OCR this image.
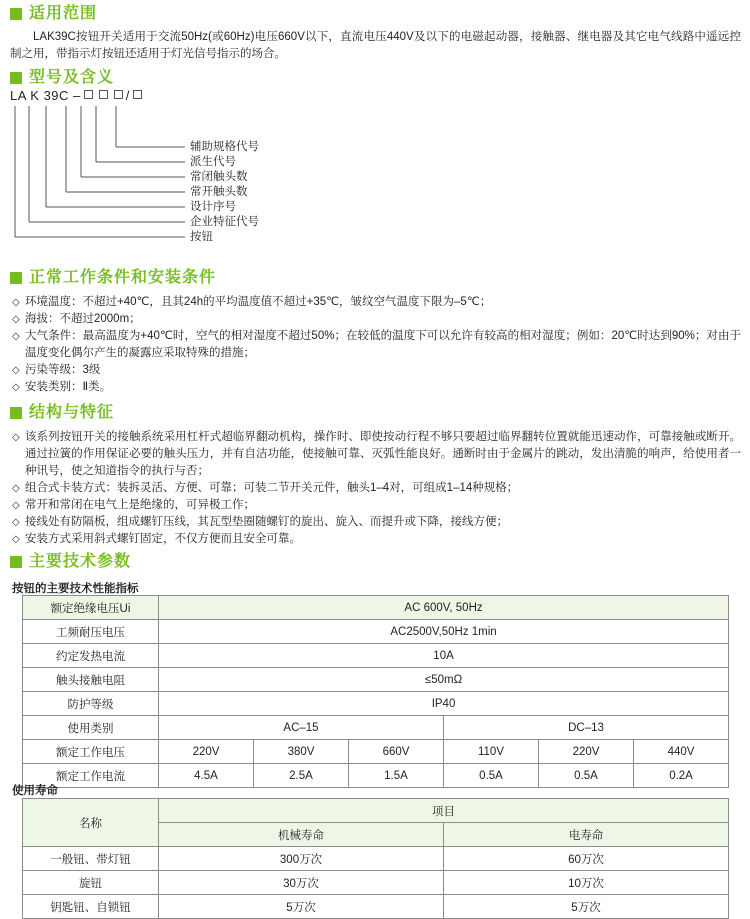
适用范围
LAK39C按钮开关适用于交流50Hz(或60Hz)电压660V以下，直流电压440V及以下的电磁起动器，接触器、继电器及其它电气线路中遥远控制之用，带指示灯按钮还适用于灯光信号指示的场合。
型号及含义
LA K 39C –	/
辅助规格代号
派生代号
常闭触头数
常开触头数
设计序号
企业特征代号
按钮
正常工作条件和安装条件
◇ 环境温度：不超过+40℃，且其24h的平均温度值不超过+35℃，皱纹空气温度下限为–5℃；
◇ 海拔：不超过2000m；
◇ 大气条件：最高温度为+40℃时，空气的相对湿度不超过50%；在较低的温度下可以允许有较高的相对湿度；例如：20℃时达到90%；对由于温度变化偶尔产生的凝露应采取特殊的措施；
◇ 污染等级：3级
◇ 安装类别：Ⅱ类。
结构与特征
◇ 该系列按钮开关的接触系统采用杠杆式超临界翻动机构，操作时、即使按动行程不够只要超过临界翻转位置就能迅速动作，可靠接触或断开。通过拉簧的作用保证必要的触头压力，并有自洁功能，使接触可靠、灭弧性能良好。通断时由于金属片的跳动，发出清脆的响声，给使用者一种讯号，使之知道指令的执行与否；
◇ 组合式卡装方式：装拆灵活、方便、可靠；可装二节开关元件，触头1–4对，可组成1–14种规格；
◇ 常开和常闭在电气上是绝缘的，可异极工作；
◇ 接线处有防隔板，组成螺钉压线，其瓦型垫圈随螺钉的旋出、旋入、而提升或下降，接线方便；
◇ 安装方式采用斜式螺钉固定，不仅方便而且安全可靠。
主要技术参数
按钮的主要技术性能指标
额定绝缘电压Ui	AC 600V, 50Hz					
工频耐压电压	AC2500V,50Hz 1min					
约定发热电流	10A					
触头接触电阻	≤50mΩ					
防护等级	IP40					
使用类别	AC–15			DC–13		
额定工作电压	220V	380V	660V	110V	220V	440V
额定工作电流	4.5A	2.5A	1.5A	0.5A	0.5A	0.2A
使用寿命
名称	项目	
	机械寿命	电寿命
一般钮、带灯钮	300万次	60万次
旋钮	30万次	10万次
钥匙钮、自锁钮	5万次	5万次
